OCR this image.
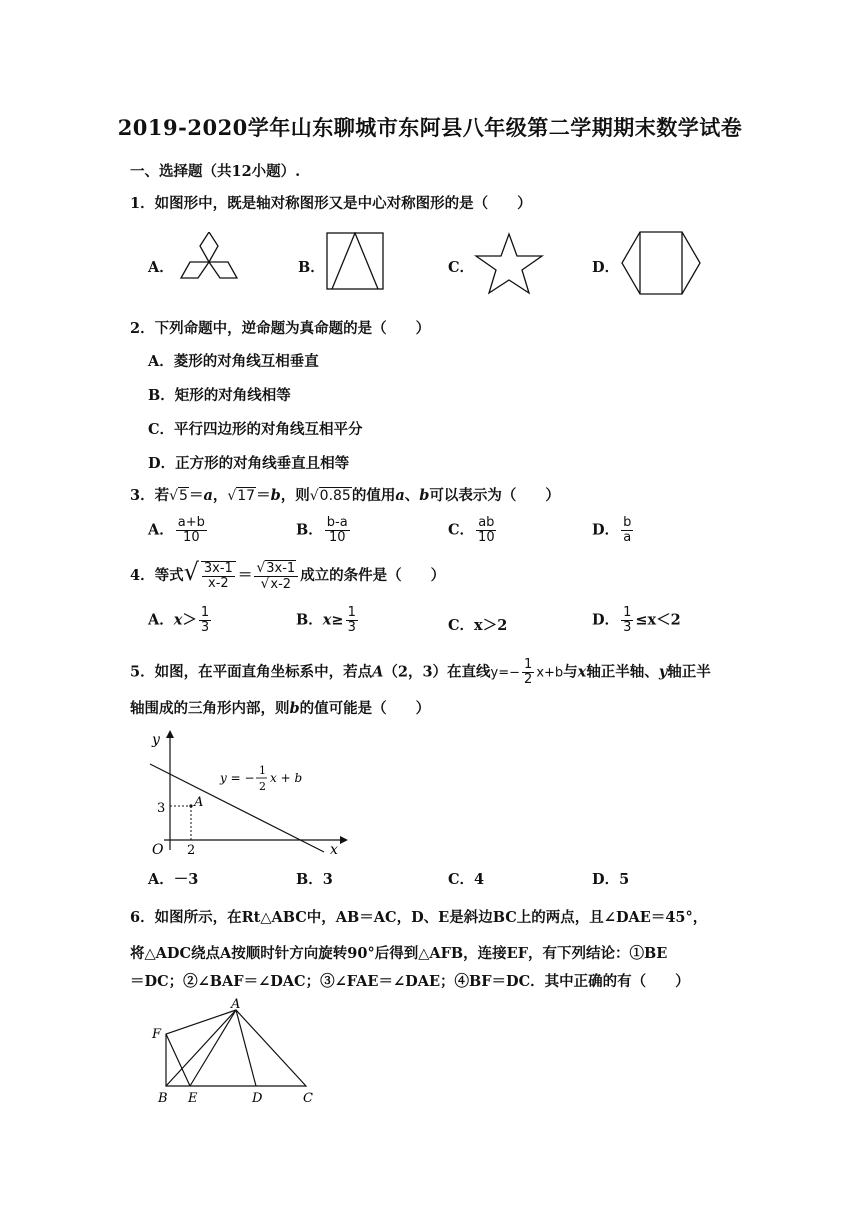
2019-2020学年山东聊城市东阿县八年级第二学期期末数学试卷
一、选择题（共12小题）.
1．如图形中，既是轴对称图形又是中心对称图形的是（　　）
A．	B．	C．	D．
2．下列命题中，逆命题为真命题的是（　　）
A．菱形的对角线互相垂直
B．矩形的对角线相等
C．平行四边形的对角线互相平分
D．正方形的对角线垂直且相等
3．若√5＝a，√17＝b，则√0.85的值用a、b可以表示为（　　）
A． $\frac{a+b}{10}$	B． $\frac{b-a}{10}$	C． $\frac{ab}{10}$	D． $\frac{b}{a}$
4．等式√ $\frac{3x-1}{x-2} = \frac{√3x-1}{√x-2}$ 成立的条件是（　　）
A．$x> \frac{1}{3}$	B．$x\ge \frac{1}{3}$	C．x＞2	D． $\frac{1}{3} \le x<2$
5．如图，在平面直角坐标系中，若点A（2，3）在直线$y=- \frac{1}{2} x+b$与x轴正半轴、y轴正半
轴围成的三角形内部，则b的值可能是（　　）
y
x
O
3
2
A
y = −
1
2
x + b
A．－3	B．3	C．4	D．5
6．如图所示，在Rt△ABC中，AB＝AC，D、E是斜边BC上的两点，且∠DAE＝45°，
将△ADC绕点A按顺时针方向旋转90°后得到△AFB，连接EF，有下列结论：①BE
＝DC；②∠BAF＝∠DAC；③∠FAE＝∠DAE；④BF＝DC．其中正确的有（　　）
A
F
B E	D	C
